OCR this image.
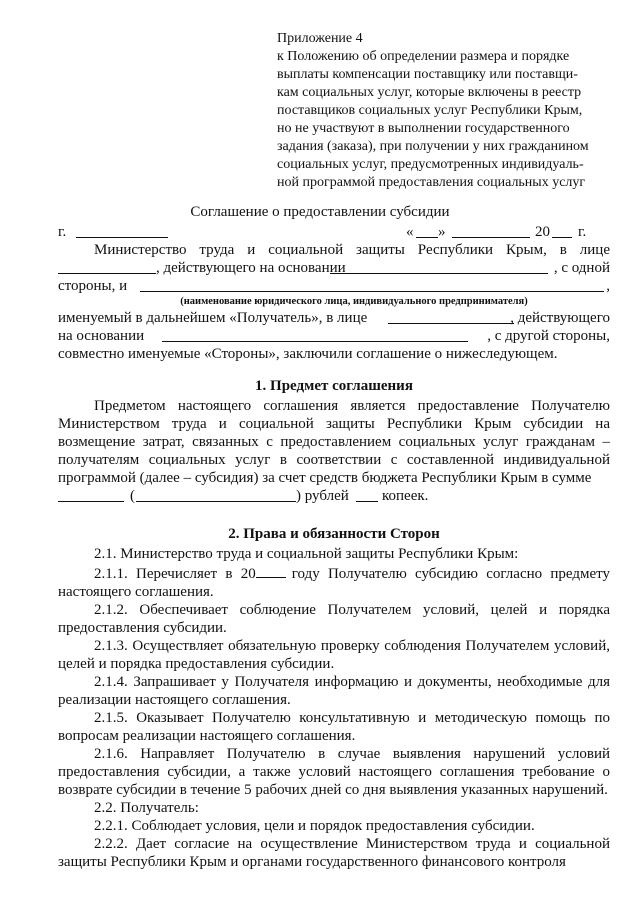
Приложение 4
к Положению об определении размера и порядке
выплаты компенсации поставщику или поставщи-
кам социальных услуг, которые включены в реестр
поставщиков социальных услуг Республики Крым,
но не участвуют в выполнении государственного
задания (заказа), при получении у них гражданином
социальных услуг, предусмотренных индивидуаль-
ной программой предоставления социальных услуг
Соглашение о предоставлении субсидии
г.	« »	20 г.
Министерство труда и социальной защиты Республики Крым, в лице
, действующего на основании	, с одной
стороны, и	,
(наименование юридического лица, индивидуального предпринимателя)
именуемый в дальнейшем «Получатель», в лице	, действующего
на основании	, с другой стороны,
совместно именуемые «Стороны», заключили соглашение о нижеследующем.
1. Предмет соглашения

Предметом настоящего соглашения является предоставление Получателю Министерством труда и социальной защиты Республики Крым субсидии на возмещение затрат, связанных с предоставлением социальных услуг гражданам – получателям социальных услуг в соответствии с составленной индивидуальной программой (далее – субсидия) за счет средств бюджета Республики Крым в сумме

(	) рублей копеек.
2. Права и обязанности Сторон

2.1. Министерство труда и социальной защиты Республики Крым:

2.1.1. Перечисляет в 20 году Получателю субсидию согласно предмету настоящего соглашения.

2.1.2. Обеспечивает соблюдение Получателем условий, целей и порядка предоставления субсидии.

2.1.3. Осуществляет обязательную проверку соблюдения Получателем условий, целей и порядка предоставления субсидии.

2.1.4. Запрашивает у Получателя информацию и документы, необходимые для реализации настоящего соглашения.

2.1.5. Оказывает Получателю консультативную и методическую помощь по вопросам реализации настоящего соглашения.

2.1.6. Направляет Получателю в случае выявления нарушений условий предоставления субсидии, а также условий настоящего соглашения требование о возврате субсидии в течение 5 рабочих дней со дня выявления указанных нарушений.

2.2. Получатель:

2.2.1. Соблюдает условия, цели и порядок предоставления субсидии.

2.2.2. Дает согласие на осуществление Министерством труда и социальной защиты Республики Крым и органами государственного финансового контроля
